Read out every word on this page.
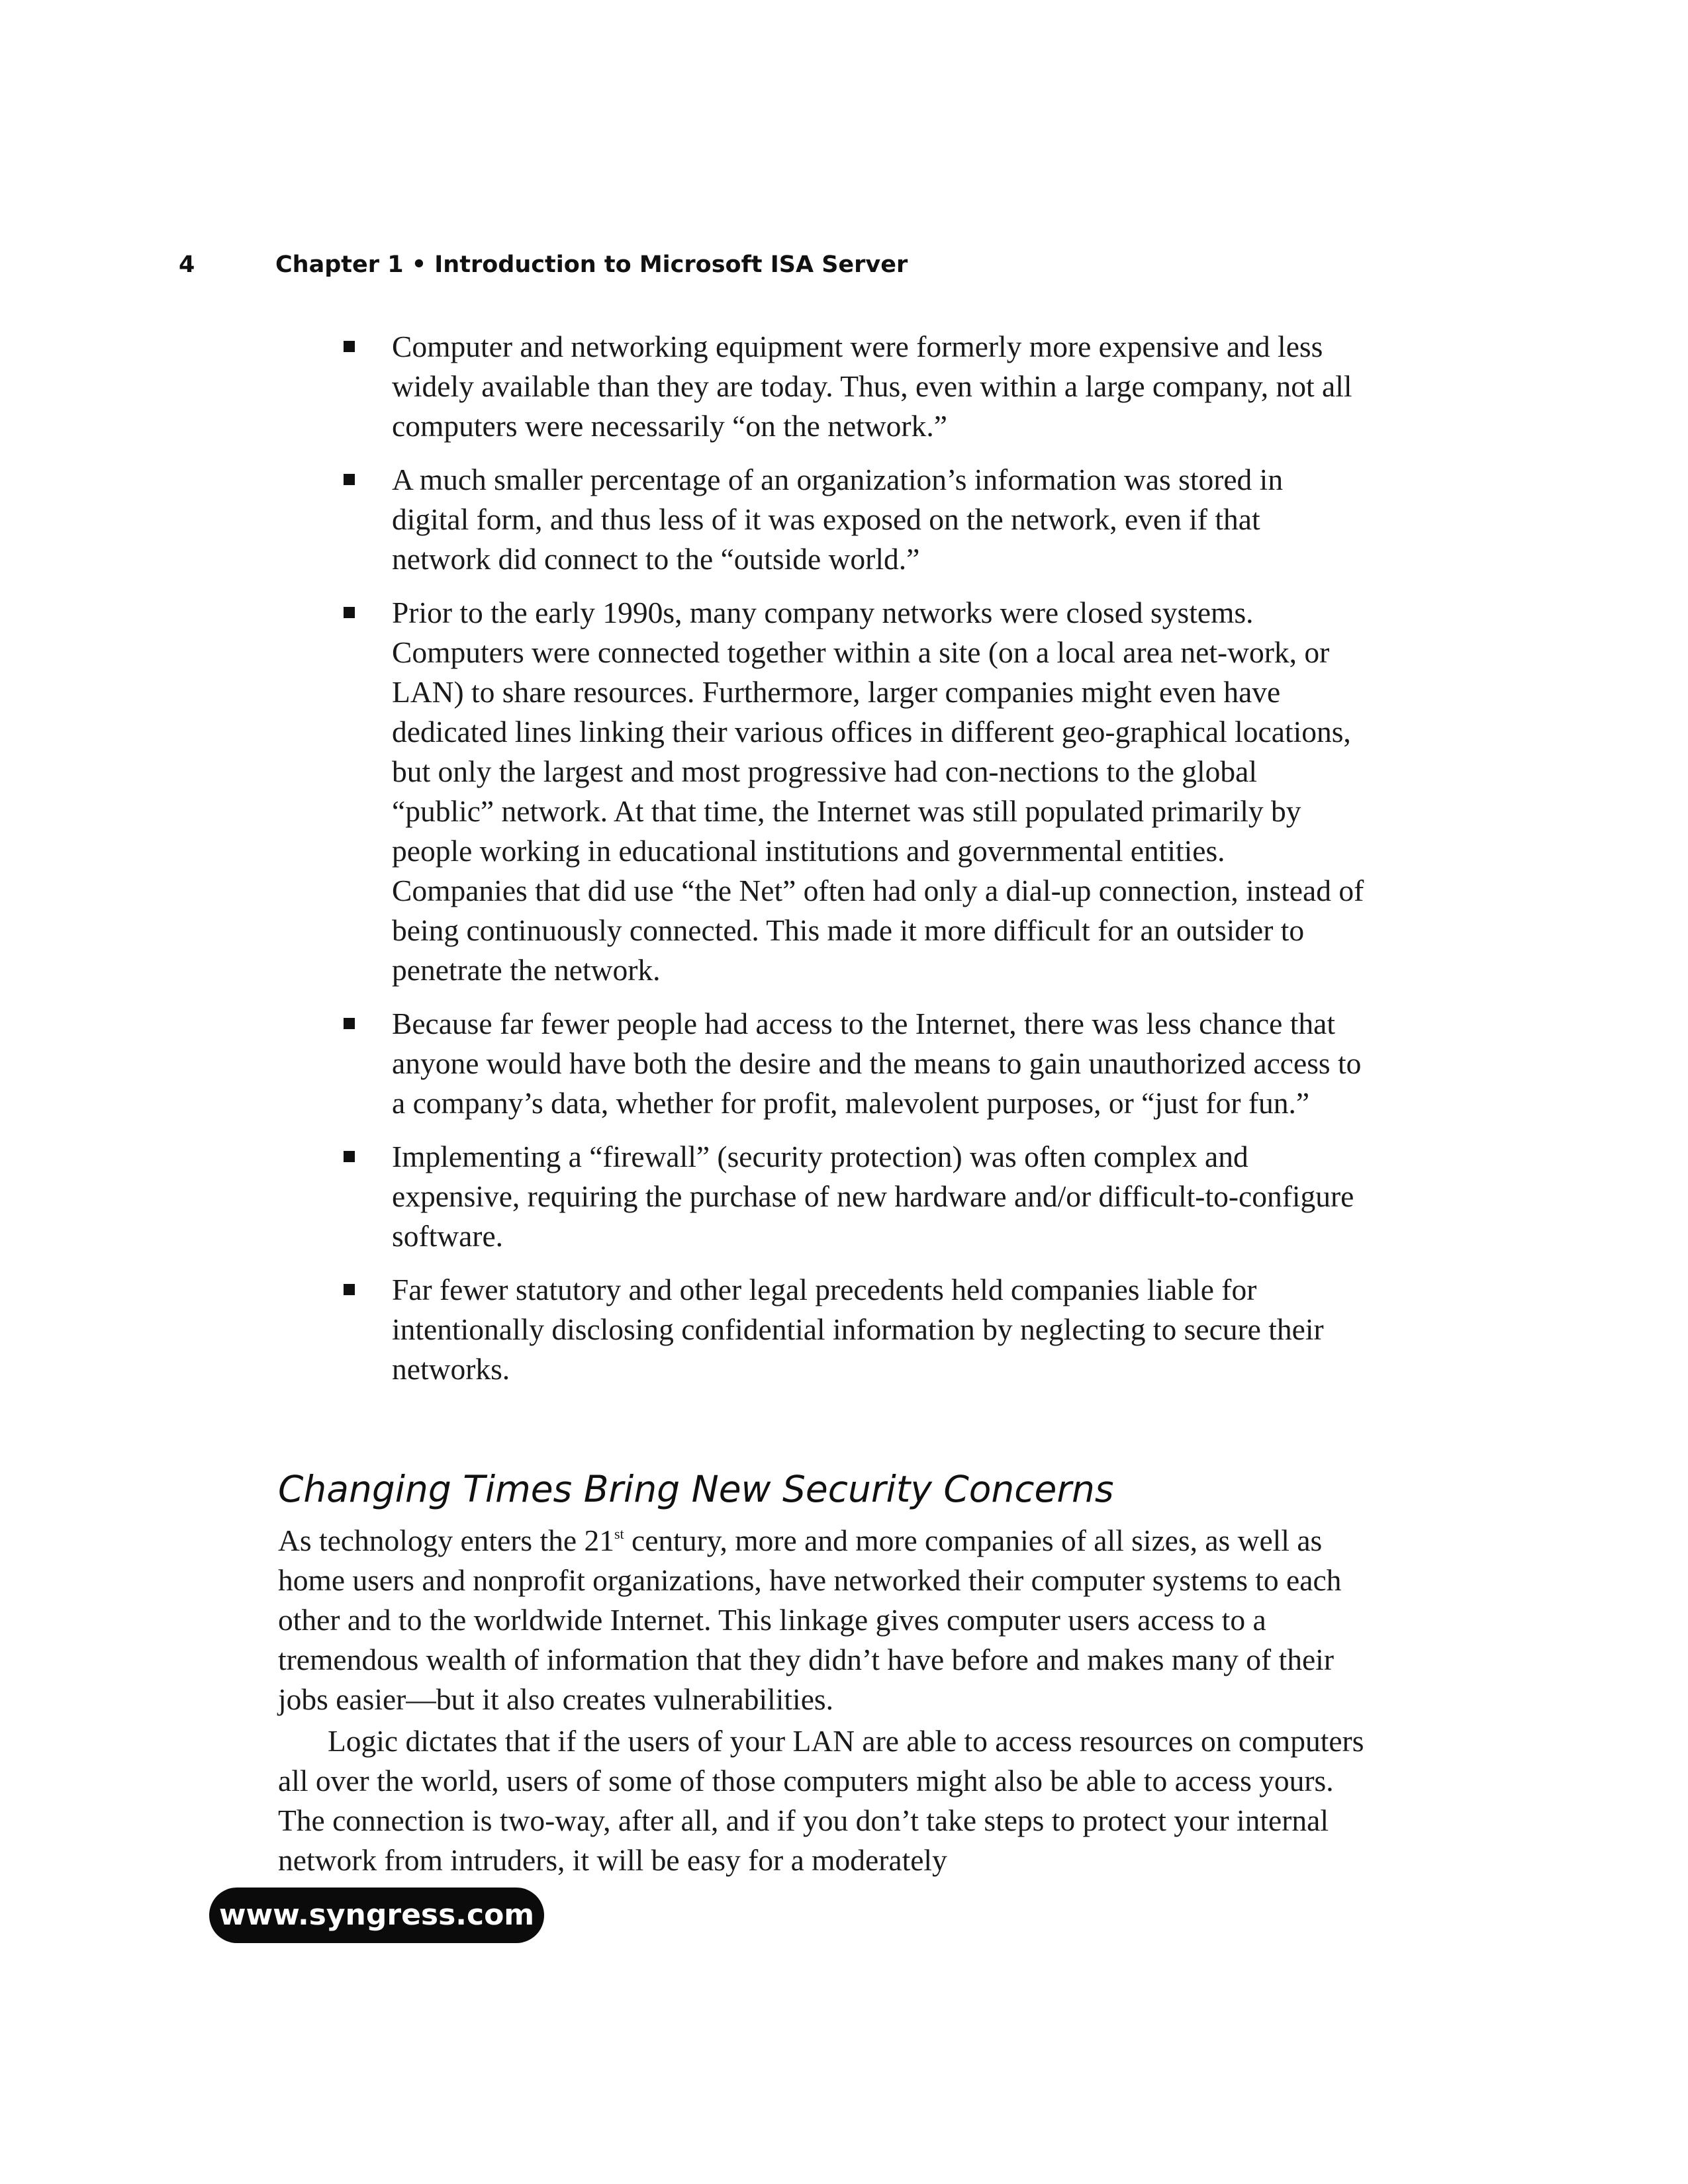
4	Chapter 1 • Introduction to Microsoft ISA Server
Computer and networking equipment were formerly more expensive and less widely available than they are today. Thus, even within a large company, not all computers were necessarily “on the network.”
A much smaller percentage of an organization’s information was stored in digital form, and thus less of it was exposed on the network, even if that network did connect to the “outside world.”
Prior to the early 1990s, many company networks were closed systems. Computers were connected together within a site (on a local area net-work, or LAN) to share resources. Furthermore, larger companies might even have dedicated lines linking their various offices in different geo-graphical locations, but only the largest and most progressive had con-nections to the global “public” network. At that time, the Internet was still populated primarily by people working in educational institutions and governmental entities. Companies that did use “the Net” often had only a dial-up connection, instead of being continuously connected. This made it more difficult for an outsider to penetrate the network.
Because far fewer people had access to the Internet, there was less chance that anyone would have both the desire and the means to gain unauthorized access to a company’s data, whether for profit, malevolent purposes, or “just for fun.”
Implementing a “firewall” (security protection) was often complex and expensive, requiring the purchase of new hardware and/or difficult-to-configure software.
Far fewer statutory and other legal precedents held companies liable for intentionally disclosing confidential information by neglecting to secure their networks.
Changing Times Bring New Security Concerns

As technology enters the 21st century, more and more companies of all sizes, as well as home users and nonprofit organizations, have networked their computer systems to each other and to the worldwide Internet. This linkage gives computer users access to a tremendous wealth of information that they didn’t have before and makes many of their jobs easier—but it also creates vulnerabilities.

Logic dictates that if the users of your LAN are able to access resources on computers all over the world, users of some of those computers might also be able to access yours. The connection is two-way, after all, and if you don’t take steps to protect your internal network from intruders, it will be easy for a moderately

www.syngress.com
